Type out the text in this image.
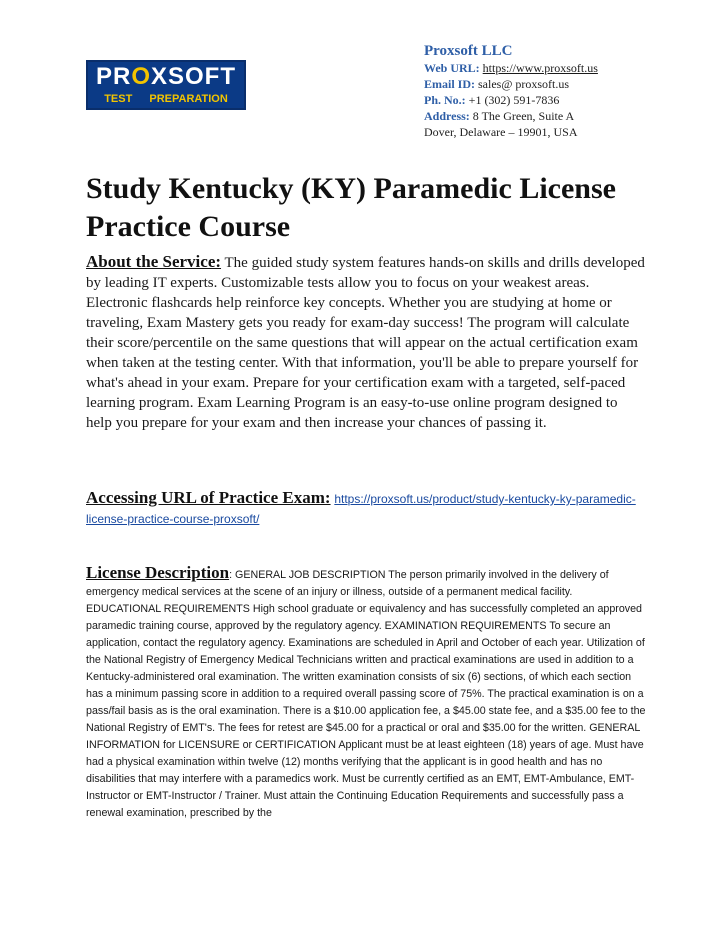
PROXSOFT
TEST PREPARATION
Proxsoft LLC
Web URL: https://www.proxsoft.us
Email ID: sales@ proxsoft.us
Ph. No.: +1 (302) 591-7836
Address: 8 The Green, Suite A
Dover, Delaware – 19901, USA
Study Kentucky (KY) Paramedic License Practice Course

About the Service: The guided study system features hands-on skills and drills developed by leading IT experts. Customizable tests allow you to focus on your weakest areas. Electronic flashcards help reinforce key concepts. Whether you are studying at home or traveling, Exam Mastery gets you ready for exam-day success! The program will calculate their score/percentile on the same questions that will appear on the actual certification exam when taken at the testing center. With that information, you'll be able to prepare yourself for what's ahead in your exam. Prepare for your certification exam with a targeted, self-paced learning program. Exam Learning Program is an easy-to-use online program designed to help you prepare for your exam and then increase your chances of passing it.

Accessing URL of Practice Exam: https://proxsoft.us/product/study-kentucky-ky-paramedic-license-practice-course-proxsoft/

License Description: GENERAL JOB DESCRIPTION The person primarily involved in the delivery of emergency medical services at the scene of an injury or illness, outside of a permanent medical facility. EDUCATIONAL REQUIREMENTS High school graduate or equivalency and has successfully completed an approved paramedic training course, approved by the regulatory agency. EXAMINATION REQUIREMENTS To secure an application, contact the regulatory agency. Examinations are scheduled in April and October of each year. Utilization of the National Registry of Emergency Medical Technicians written and practical examinations are used in addition to a Kentucky-administered oral examination. The written examination consists of six (6) sections, of which each section has a minimum passing score in addition to a required overall passing score of 75%. The practical examination is on a pass/fail basis as is the oral examination. There is a $10.00 application fee, a $45.00 state fee, and a $35.00 fee to the National Registry of EMT's. The fees for retest are $45.00 for a practical or oral and $35.00 for the written. GENERAL INFORMATION for LICENSURE or CERTIFICATION Applicant must be at least eighteen (18) years of age. Must have had a physical examination within twelve (12) months verifying that the applicant is in good health and has no disabilities that may interfere with a paramedics work. Must be currently certified as an EMT, EMT-Ambulance, EMT-Instructor or EMT-Instructor / Trainer. Must attain the Continuing Education Requirements and successfully pass a renewal examination, prescribed by the
